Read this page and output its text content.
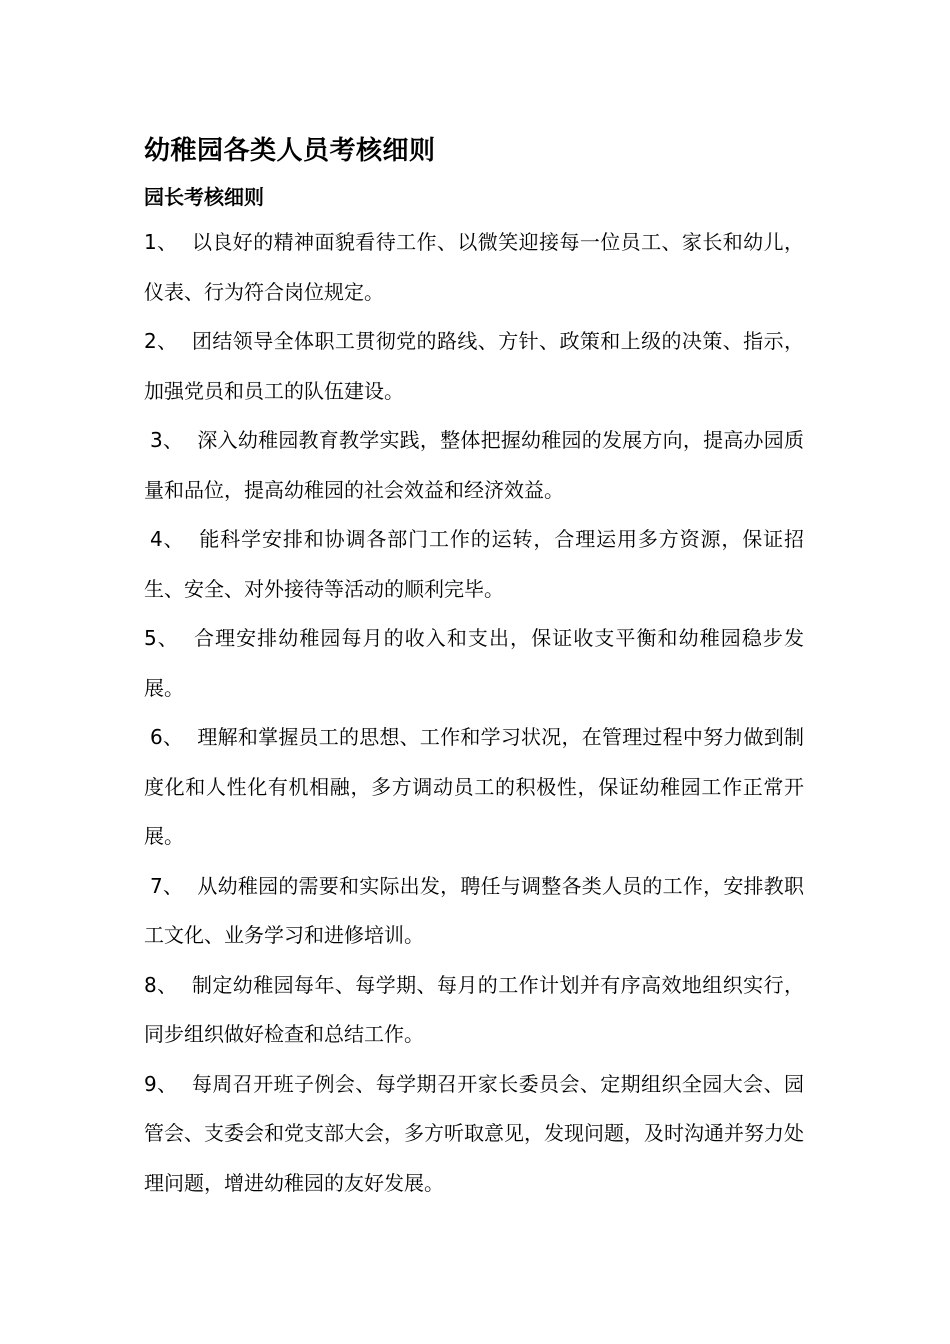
幼稚园各类人员考核细则
园长考核细则

1、 以良好的精神面貌看待工作、以微笑迎接每一位员工、家长和幼儿，仪表、行为符合岗位规定。

2、 团结领导全体职工贯彻党的路线、方针、政策和上级的决策、指示，加强党员和员工的队伍建设。

3、 深入幼稚园教育教学实践，整体把握幼稚园的发展方向，提高办园质量和品位，提高幼稚园的社会效益和经济效益。

4、 能科学安排和协调各部门工作的运转，合理运用多方资源，保证招生、安全、对外接待等活动的顺利完毕。

5、 合理安排幼稚园每月的收入和支出，保证收支平衡和幼稚园稳步发展。

6、 理解和掌握员工的思想、工作和学习状况，在管理过程中努力做到制度化和人性化有机相融，多方调动员工的积极性，保证幼稚园工作正常开展。

7、 从幼稚园的需要和实际出发，聘任与调整各类人员的工作，安排教职工文化、业务学习和进修培训。

8、 制定幼稚园每年、每学期、每月的工作计划并有序高效地组织实行，同步组织做好检查和总结工作。

9、 每周召开班子例会、每学期召开家长委员会、定期组织全园大会、园管会、支委会和党支部大会，多方听取意见，发现问题，及时沟通并努力处理问题，增进幼稚园的友好发展。
